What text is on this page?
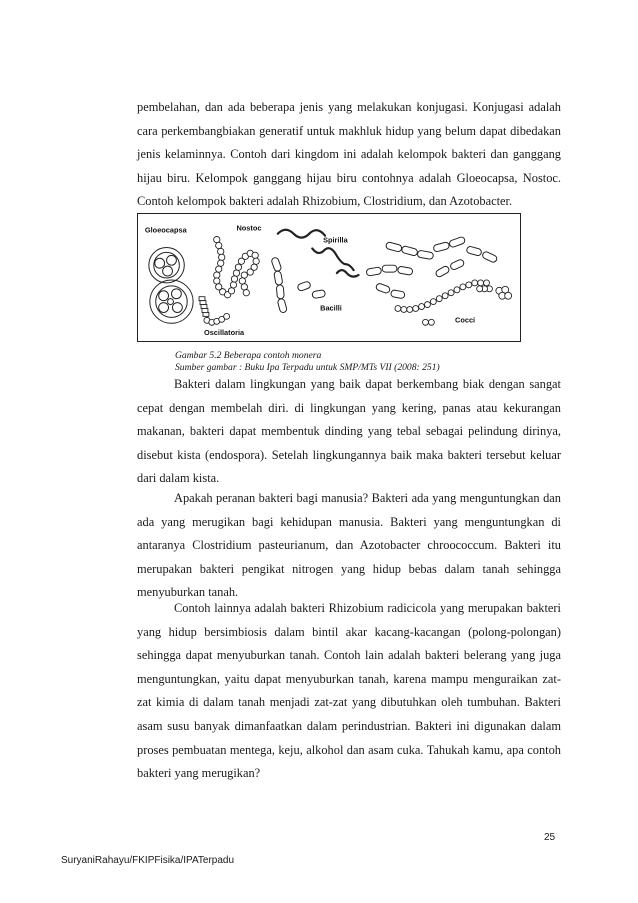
pembelahan, dan ada beberapa jenis yang melakukan konjugasi. Konjugasi adalah cara perkembangbiakan generatif untuk makhluk hidup yang belum dapat dibedakan jenis kelaminnya. Contoh dari kingdom ini adalah kelompok bakteri dan ganggang hijau biru. Kelompok ganggang hijau biru contohnya adalah Gloeocapsa, Nostoc. Contoh kelompok bakteri adalah Rhizobium, Clostridium, dan Azotobacter.

Gloeocapsa	Nostoc
Oscillatoria
Spirilla
Bacilli
Cocci
Gambar 5.2 Beberapa contoh monera
Sumber gambar : Buku Ipa Terpadu untuk SMP/MTs VII (2008: 251)

Bakteri dalam lingkungan yang baik dapat berkembang biak dengan sangat cepat dengan membelah diri. di lingkungan yang kering, panas atau kekurangan makanan, bakteri dapat membentuk dinding yang tebal sebagai pelindung dirinya, disebut kista (endospora). Setelah lingkungannya baik maka bakteri tersebut keluar dari dalam kista.

Apakah peranan bakteri bagi manusia? Bakteri ada yang menguntungkan dan ada yang merugikan bagi kehidupan manusia. Bakteri yang menguntungkan di antaranya Clostridium pasteurianum, dan Azotobacter chroococcum. Bakteri itu merupakan bakteri pengikat nitrogen yang hidup bebas dalam tanah sehingga menyuburkan tanah.

Contoh lainnya adalah bakteri Rhizobium radicicola yang merupakan bakteri yang hidup bersimbiosis dalam bintil akar kacang-kacangan (polong-polongan) sehingga dapat menyuburkan tanah. Contoh lain adalah bakteri belerang yang juga menguntungkan, yaitu dapat menyuburkan tanah, karena mampu menguraikan zat-zat kimia di dalam tanah menjadi zat-zat yang dibutuhkan oleh tumbuhan. Bakteri asam susu banyak dimanfaatkan dalam perindustrian. Bakteri ini digunakan dalam proses pembuatan mentega, keju, alkohol dan asam cuka. Tahukah kamu, apa contoh bakteri yang merugikan?

25
SuryaniRahayu/FKIPFisika/IPATerpadu
